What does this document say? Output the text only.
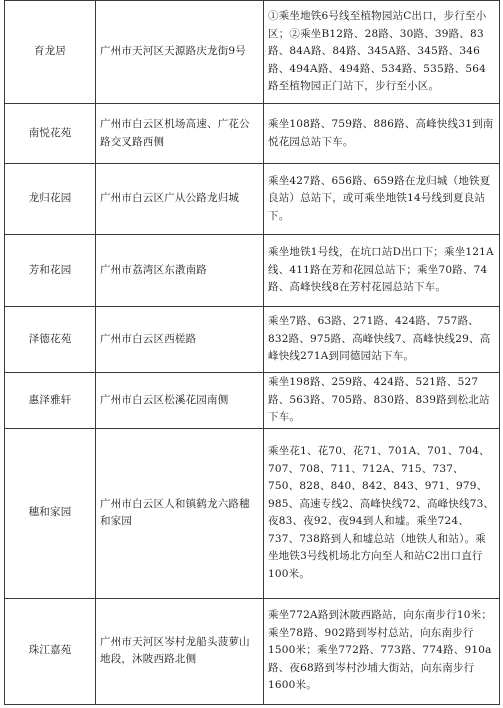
育龙居	广州市天河区天源路庆龙街9号	①乘坐地铁6号线至植物园站C出口，步行至小区；②乘坐B12路、28路、30路、39路、83路、84A路、84路、345A路、345路、346路、494A路、494路、534路、535路、564路至植物园正门站下，步行至小区。
南悦花苑	广州市白云区机场高速、广花公路交叉路西侧	乘坐108路、759路、886路、高峰快线31到南悦花园总站下车。
龙归花园	广州市白云区广从公路龙归城	乘坐427路、656路、659路在龙归城（地铁夏良站）总站下，或可乘坐地铁14号线到夏良站下。
芳和花园	广州市荔湾区东漖南路	乘坐地铁1号线，在坑口站D出口下；乘坐121A线、411路在芳和花园总站下；乘坐70路、74路、高峰快线8在芳村花园总站下车。
泽德花苑	广州市白云区西槎路	乘坐7路、63路、271路、424路、757路、832路、975路、高峰快线7、高峰快线29、高峰快线271A到同德园站下车。
惠泽雅轩	广州市白云区松溪花园南侧	乘坐198路、259路、424路、521路、527路、563路、705路、830路、839路到松北站下车。
穗和家园	广州市白云区人和镇鹤龙六路穗和家园	乘坐花1、花70、花71、701A、701、704、707、708、711、712A、715、737、750、828、840、842、843、971、979、985、高速专线2、高峰快线72、高峰快线73、夜83、夜92、夜94到人和墟。乘坐724、737、738路到人和墟总站（地铁人和站）。乘坐地铁3号线机场北方向至人和站C2出口直行100米。
珠江嘉苑	广州市天河区岑村龙船头菠萝山地段，沐陂西路北侧	乘坐772A路到沐陂西路站，向东南步行10米；乘坐78路、902路到岑村总站，向东南步行1500米；乘坐772路、773路、774路、910a路、夜68路到岑村沙埔大街站，向东南步行1600米。
